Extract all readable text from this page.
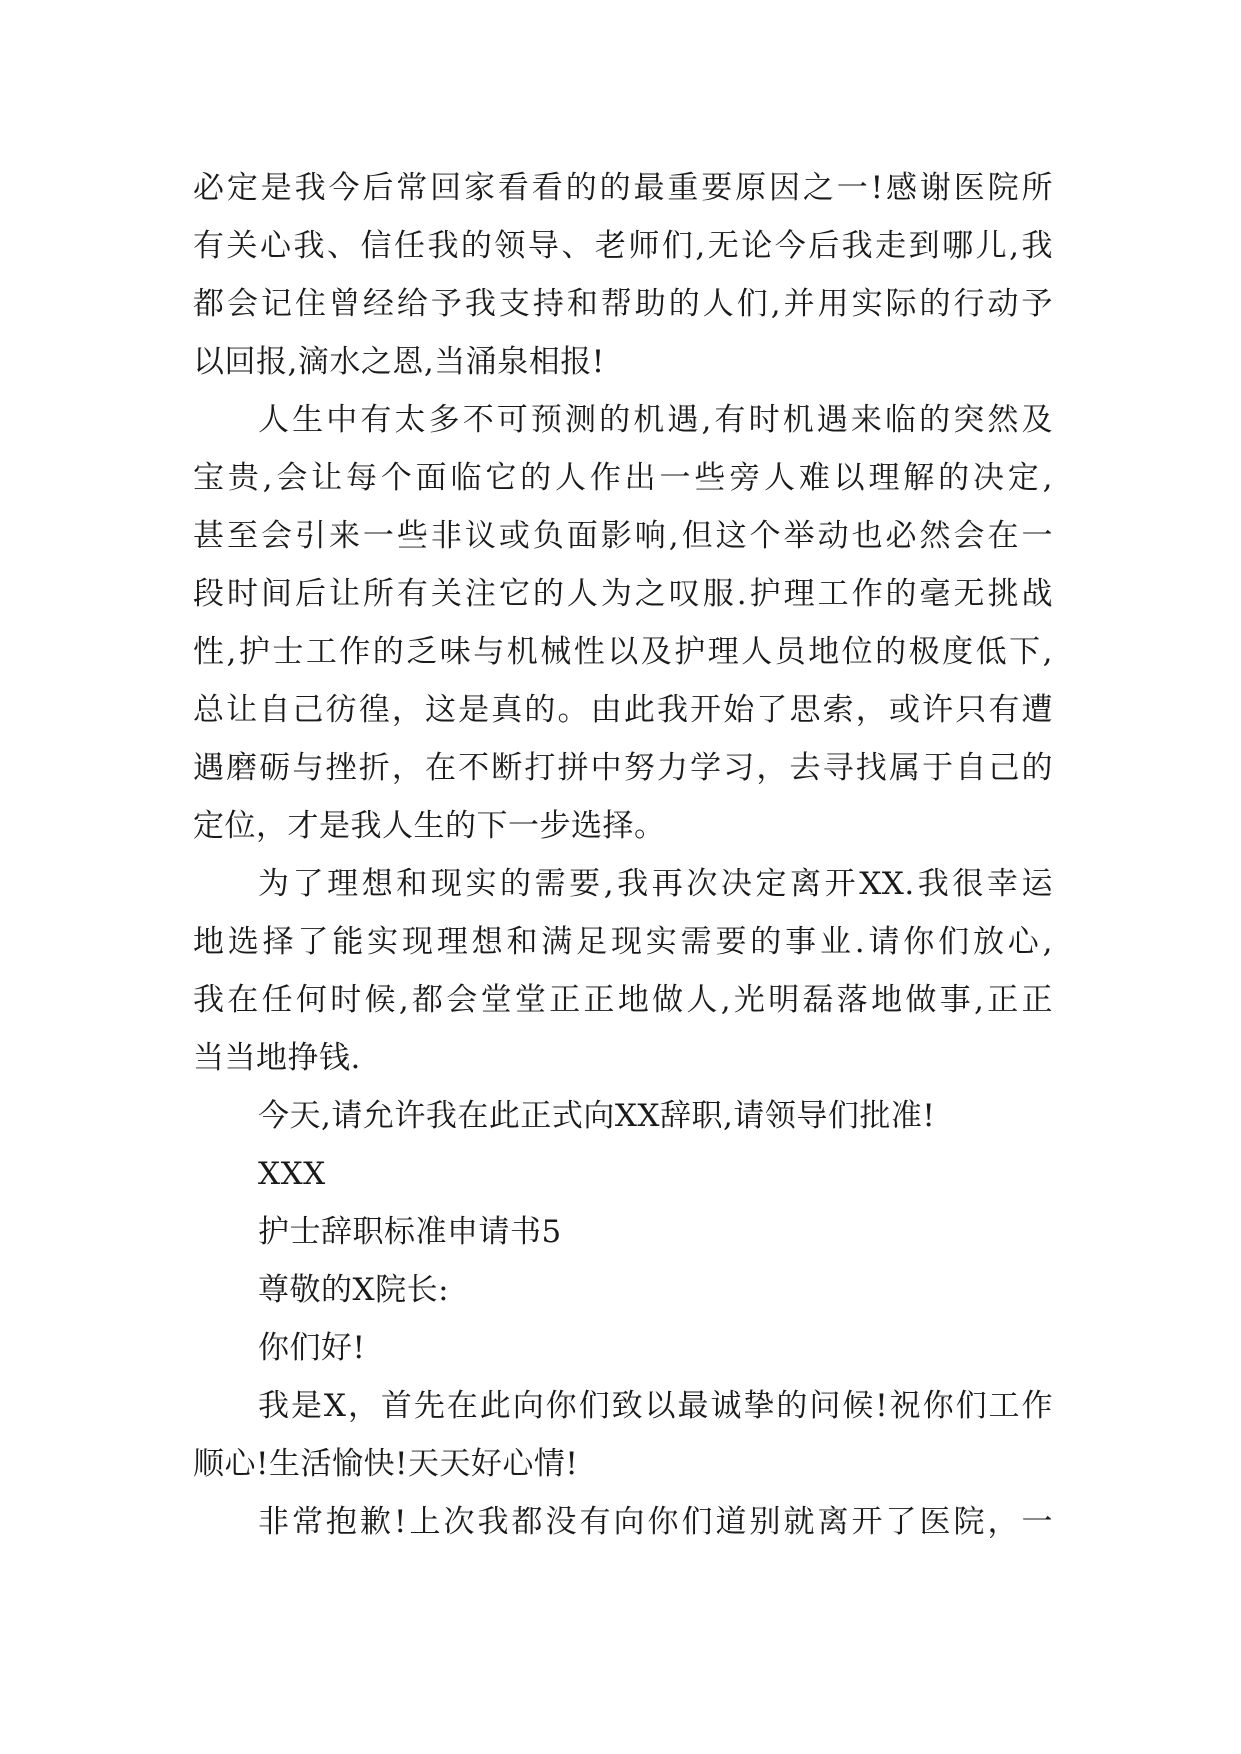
必定是我今后常回家看看的的最重要原因之一!感谢医院所
有关心我、信任我的领导、老师们,无论今后我走到哪儿,我
都会记住曾经给予我支持和帮助的人们,并用实际的行动予
以回报,滴水之恩,当涌泉相报!
人生中有太多不可预测的机遇,有时机遇来临的突然及
宝贵,会让每个面临它的人作出一些旁人难以理解的决定,
甚至会引来一些非议或负面影响,但这个举动也必然会在一
段时间后让所有关注它的人为之叹服.护理工作的毫无挑战
性,护士工作的乏味与机械性以及护理人员地位的极度低下,
总让自己彷徨，这是真的。由此我开始了思索，或许只有遭
遇磨砺与挫折，在不断打拼中努力学习，去寻找属于自己的
定位，才是我人生的下一步选择。
为了理想和现实的需要,我再次决定离开XX.我很幸运
地选择了能实现理想和满足现实需要的事业.请你们放心,
我在任何时候,都会堂堂正正地做人,光明磊落地做事,正正
当当地挣钱.
今天,请允许我在此正式向XX辞职,请领导们批准!
XXX
护士辞职标准申请书5
尊敬的X院长:
你们好!
我是X，首先在此向你们致以最诚挚的问候!祝你们工作
顺心!生活愉快!天天好心情!
非常抱歉!上次我都没有向你们道别就离开了医院，一
